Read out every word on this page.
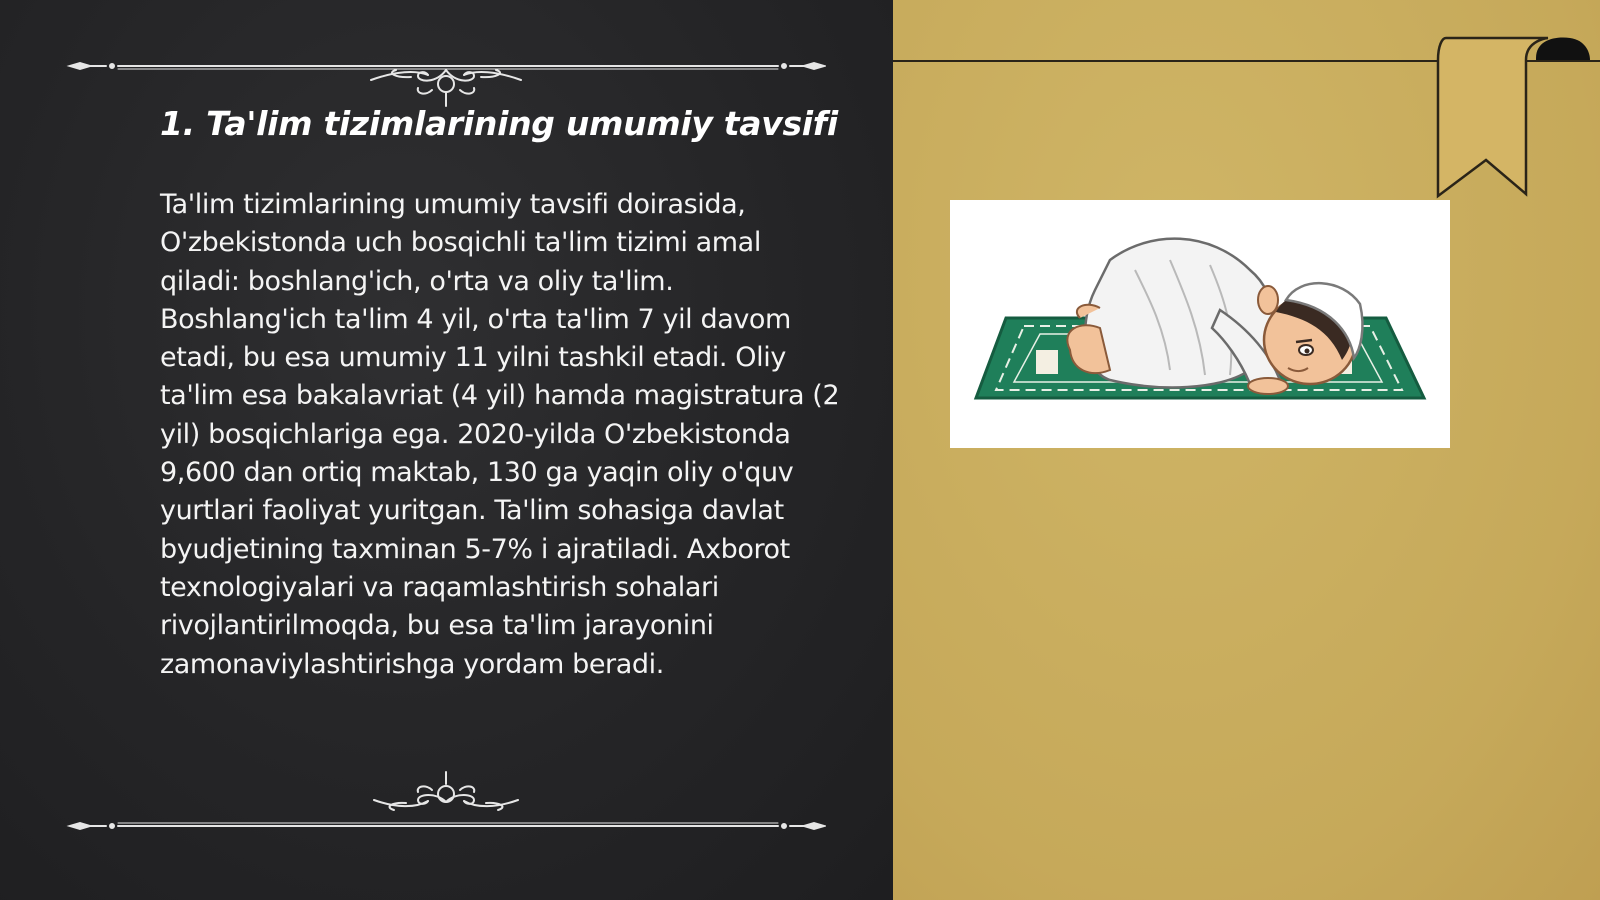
1. Ta'lim tizimlarining umumiy tavsifi

Ta'lim tizimlarining umumiy tavsifi doirasida, O'zbekistonda uch bosqichli ta'lim tizimi amal qiladi: boshlang'ich, o'rta va oliy ta'lim. Boshlang'ich ta'lim 4 yil, o'rta ta'lim 7 yil davom etadi, bu esa umumiy 11 yilni tashkil etadi. Oliy ta'lim esa bakalavriat (4 yil) hamda magistratura (2 yil) bosqichlariga ega. 2020-yilda O'zbekistonda 9,600 dan ortiq maktab, 130 ga yaqin oliy o'quv yurtlari faoliyat yuritgan. Ta'lim sohasiga davlat byudjetining taxminan 5-7% i ajratiladi. Axborot texnologiyalari va raqamlashtirish sohalari rivojlantirilmoqda, bu esa ta'lim jarayonini zamonaviylashtirishga yordam beradi.
